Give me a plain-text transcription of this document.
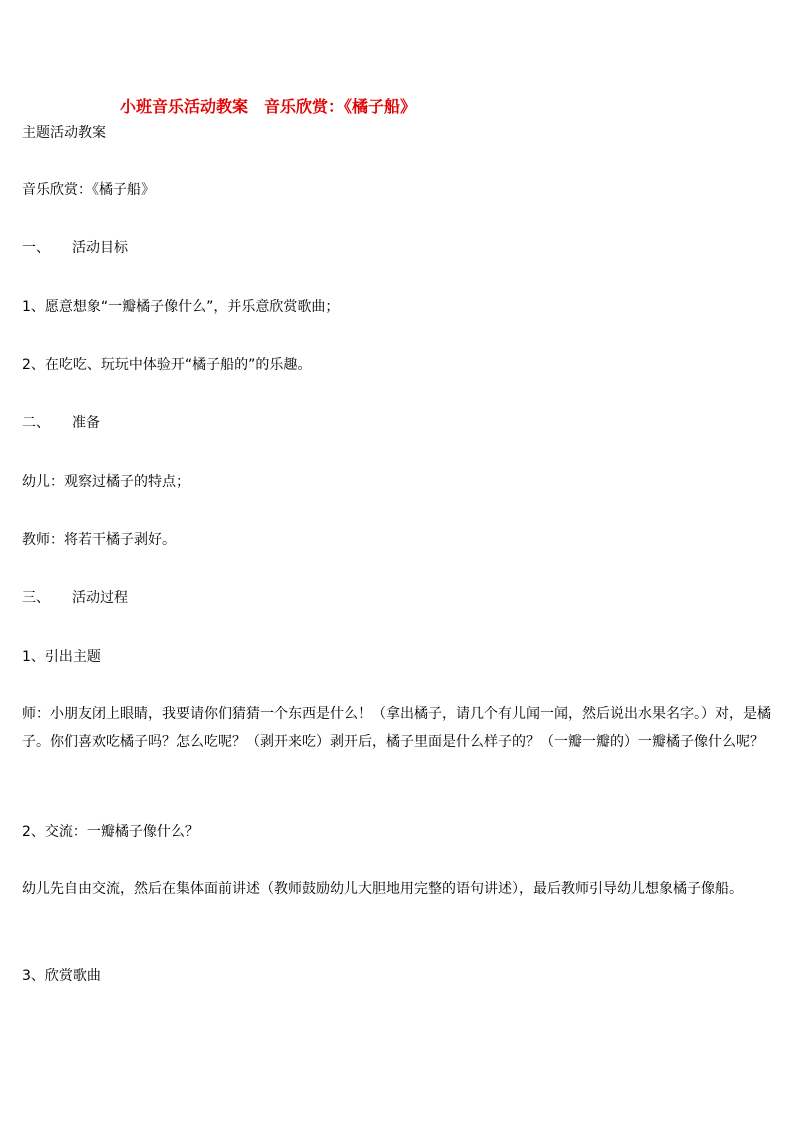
小班音乐活动教案　音乐欣赏：《橘子船》
主题活动教案
音乐欣赏：《橘子船》
一、 活动目标
1、愿意想象“一瓣橘子像什么”，并乐意欣赏歌曲；
2、在吃吃、玩玩中体验开“橘子船的”的乐趣。
二、 准备
幼儿：观察过橘子的特点；
教师：将若干橘子剥好。
三、 活动过程
1、引出主题
师：小朋友闭上眼睛，我要请你们猜猜一个东西是什么！（拿出橘子，请几个有儿闻一闻，然后说出水果名字。）对，是橘子。你们喜欢吃橘子吗？怎么吃呢？（剥开来吃）剥开后，橘子里面是什么样子的？（一瓣一瓣的）一瓣橘子像什么呢？
2、交流：一瓣橘子像什么？
幼儿先自由交流，然后在集体面前讲述（教师鼓励幼儿大胆地用完整的语句讲述），最后教师引导幼儿想象橘子像船。
3、欣赏歌曲
